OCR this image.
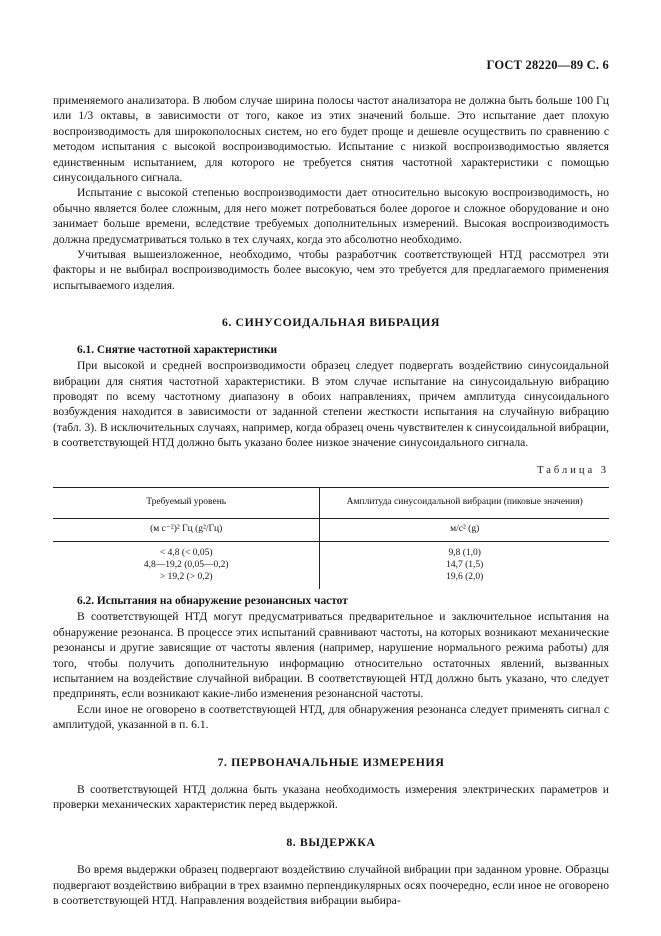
ГОСТ 28220—89 С. 6

применяемого анализатора. В любом случае ширина полосы частот анализатора не должна быть больше 100 Гц или 1/3 октавы, в зависимости от того, какое из этих значений больше. Это испытание дает плохую воспроизводимость для широкополосных систем, но его будет проще и дешевле осуществить по сравнению с методом испытания с высокой воспроизводимостью. Испытание с низкой воспроизводимостью является единственным испытанием, для которого не требуется снятия частотной характеристики с помощью синусоидального сигнала.

Испытание с высокой степенью воспроизводимости дает относительно высокую воспроизводимость, но обычно является более сложным, для него может потребоваться более дорогое и сложное оборудование и оно занимает больше времени, вследствие требуемых дополнительных измерений. Высокая воспроизводимость должна предусматриваться только в тех случаях, когда это абсолютно необходимо.

Учитывая вышеизложенное, необходимо, чтобы разработчик соответствующей НТД рассмотрел эти факторы и не выбирал воспроизводимость более высокую, чем это требуется для предлагаемого применения испытываемого изделия.

6. СИНУСОИДАЛЬНАЯ ВИБРАЦИЯ
6.1. Снятие частотной характеристики

При высокой и средней воспроизводимости образец следует подвергать воздействию синусоидальной вибрации для снятия частотной характеристики. В этом случае испытание на синусоидальную вибрацию проводят по всему частотному диапазону в обоих направлениях, причем амплитуда синусоидального возбуждения находится в зависимости от заданной степени жесткости испытания на случайную вибрацию (табл. 3). В исключительных случаях, например, когда образец очень чувствителен к синусоидальной вибрации, в соответствующей НТД должно быть указано более низкое значение синусоидального сигнала.

Таблица 3
Требуемый уровень	Амплитуда синусоидальной вибрации (пиковые значения)
(м с⁻²)² Гц (g²/Гц)	м/с² (g)
< 4,8 (< 0,05)	9,8 (1,0)
4,8—19,2 (0,05—0,2)	14,7 (1,5)
> 19,2 (> 0,2)	19,6 (2,0)
6.2. Испытания на обнаружение резонансных частот

В соответствующей НТД могут предусматриваться предварительное и заключительное испытания на обнаружение резонанса. В процессе этих испытаний сравнивают частоты, на которых возникают механические резонансы и другие зависящие от частоты явления (например, нарушение нормального режима работы) для того, чтобы получить дополнительную информацию относительно остаточных явлений, вызванных испытанием на воздействие случайной вибрации. В соответствующей НТД должно быть указано, что следует предпринять, если возникают какие-либо изменения резонансной частоты.

Если иное не оговорено в соответствующей НТД, для обнаружения резонанса следует применять сигнал с амплитудой, указанной в п. 6.1.

7. ПЕРВОНАЧАЛЬНЫЕ ИЗМЕРЕНИЯ

В соответствующей НТД должна быть указана необходимость измерения электрических параметров и проверки механических характеристик перед выдержкой.

8. ВЫДЕРЖКА

Во время выдержки образец подвергают воздействию случайной вибрации при заданном уровне. Образцы подвергают воздействию вибрации в трех взаимно перпендикулярных осях поочередно, если иное не оговорено в соответствующей НТД. Направления воздействия вибрации выбира-
